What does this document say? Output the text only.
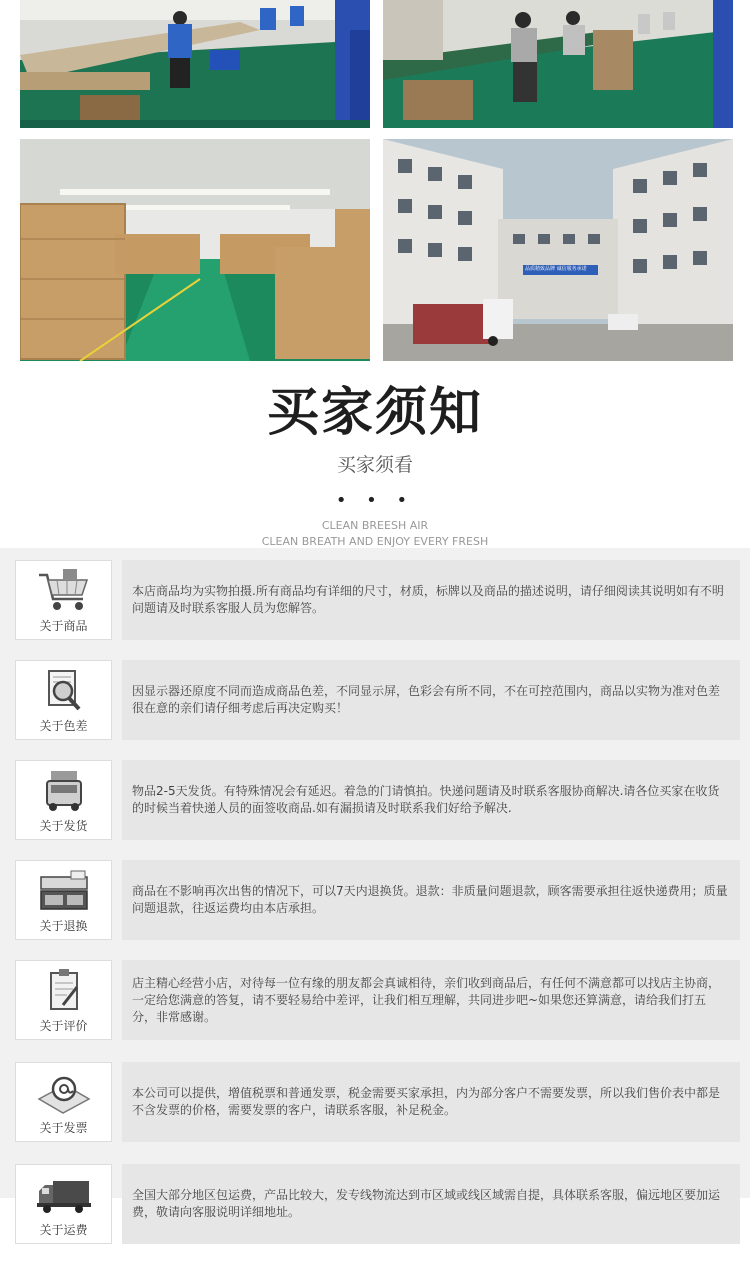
品质精致品牌 诚信服务承诺
买家须知
买家须看
• • •
CLEAN BREESH AIR
CLEAN BREATH AND ENJOY EVERY FRESH
关于商品
本店商品均为实物拍摄.所有商品均有详细的尺寸，材质，标牌以及商品的描述说明，请仔细阅读其说明如有不明问题请及时联系客服人员为您解答。
关于色差
因显示器还原度不同而造成商品色差，不同显示屏，色彩会有所不同，不在可控范围内，商品以实物为准对色差很在意的亲们请仔细考虑后再决定购买！
关于发货
物品2-5天发货。有特殊情况会有延迟。着急的门请慎拍。快递问题请及时联系客服协商解决.请各位买家在收货的时候当着快递人员的面签收商品.如有漏损请及时联系我们好给予解决.
关于退换
商品在不影响再次出售的情况下，可以7天内退换货。退款：非质量问题退款，顾客需要承担往返快递费用；质量问题退款，往返运费均由本店承担。
关于评价
店主精心经营小店，对待每一位有缘的朋友都会真诚相待，亲们收到商品后，有任何不满意都可以找店主协商，一定给您满意的答复，请不要轻易给中差评，让我们相互理解，共同进步吧~如果您还算满意，请给我们打五分，非常感谢。
关于发票
本公司可以提供，增值税票和普通发票，税金需要买家承担，内为部分客户不需要发票，所以我们售价表中都是不含发票的价格，需要发票的客户，请联系客服，补足税金。
关于运费
全国大部分地区包运费，产品比较大，发专线物流达到市区域或线区域需自提，具体联系客服，偏远地区要加运费，敬请向客服说明详细地址。
